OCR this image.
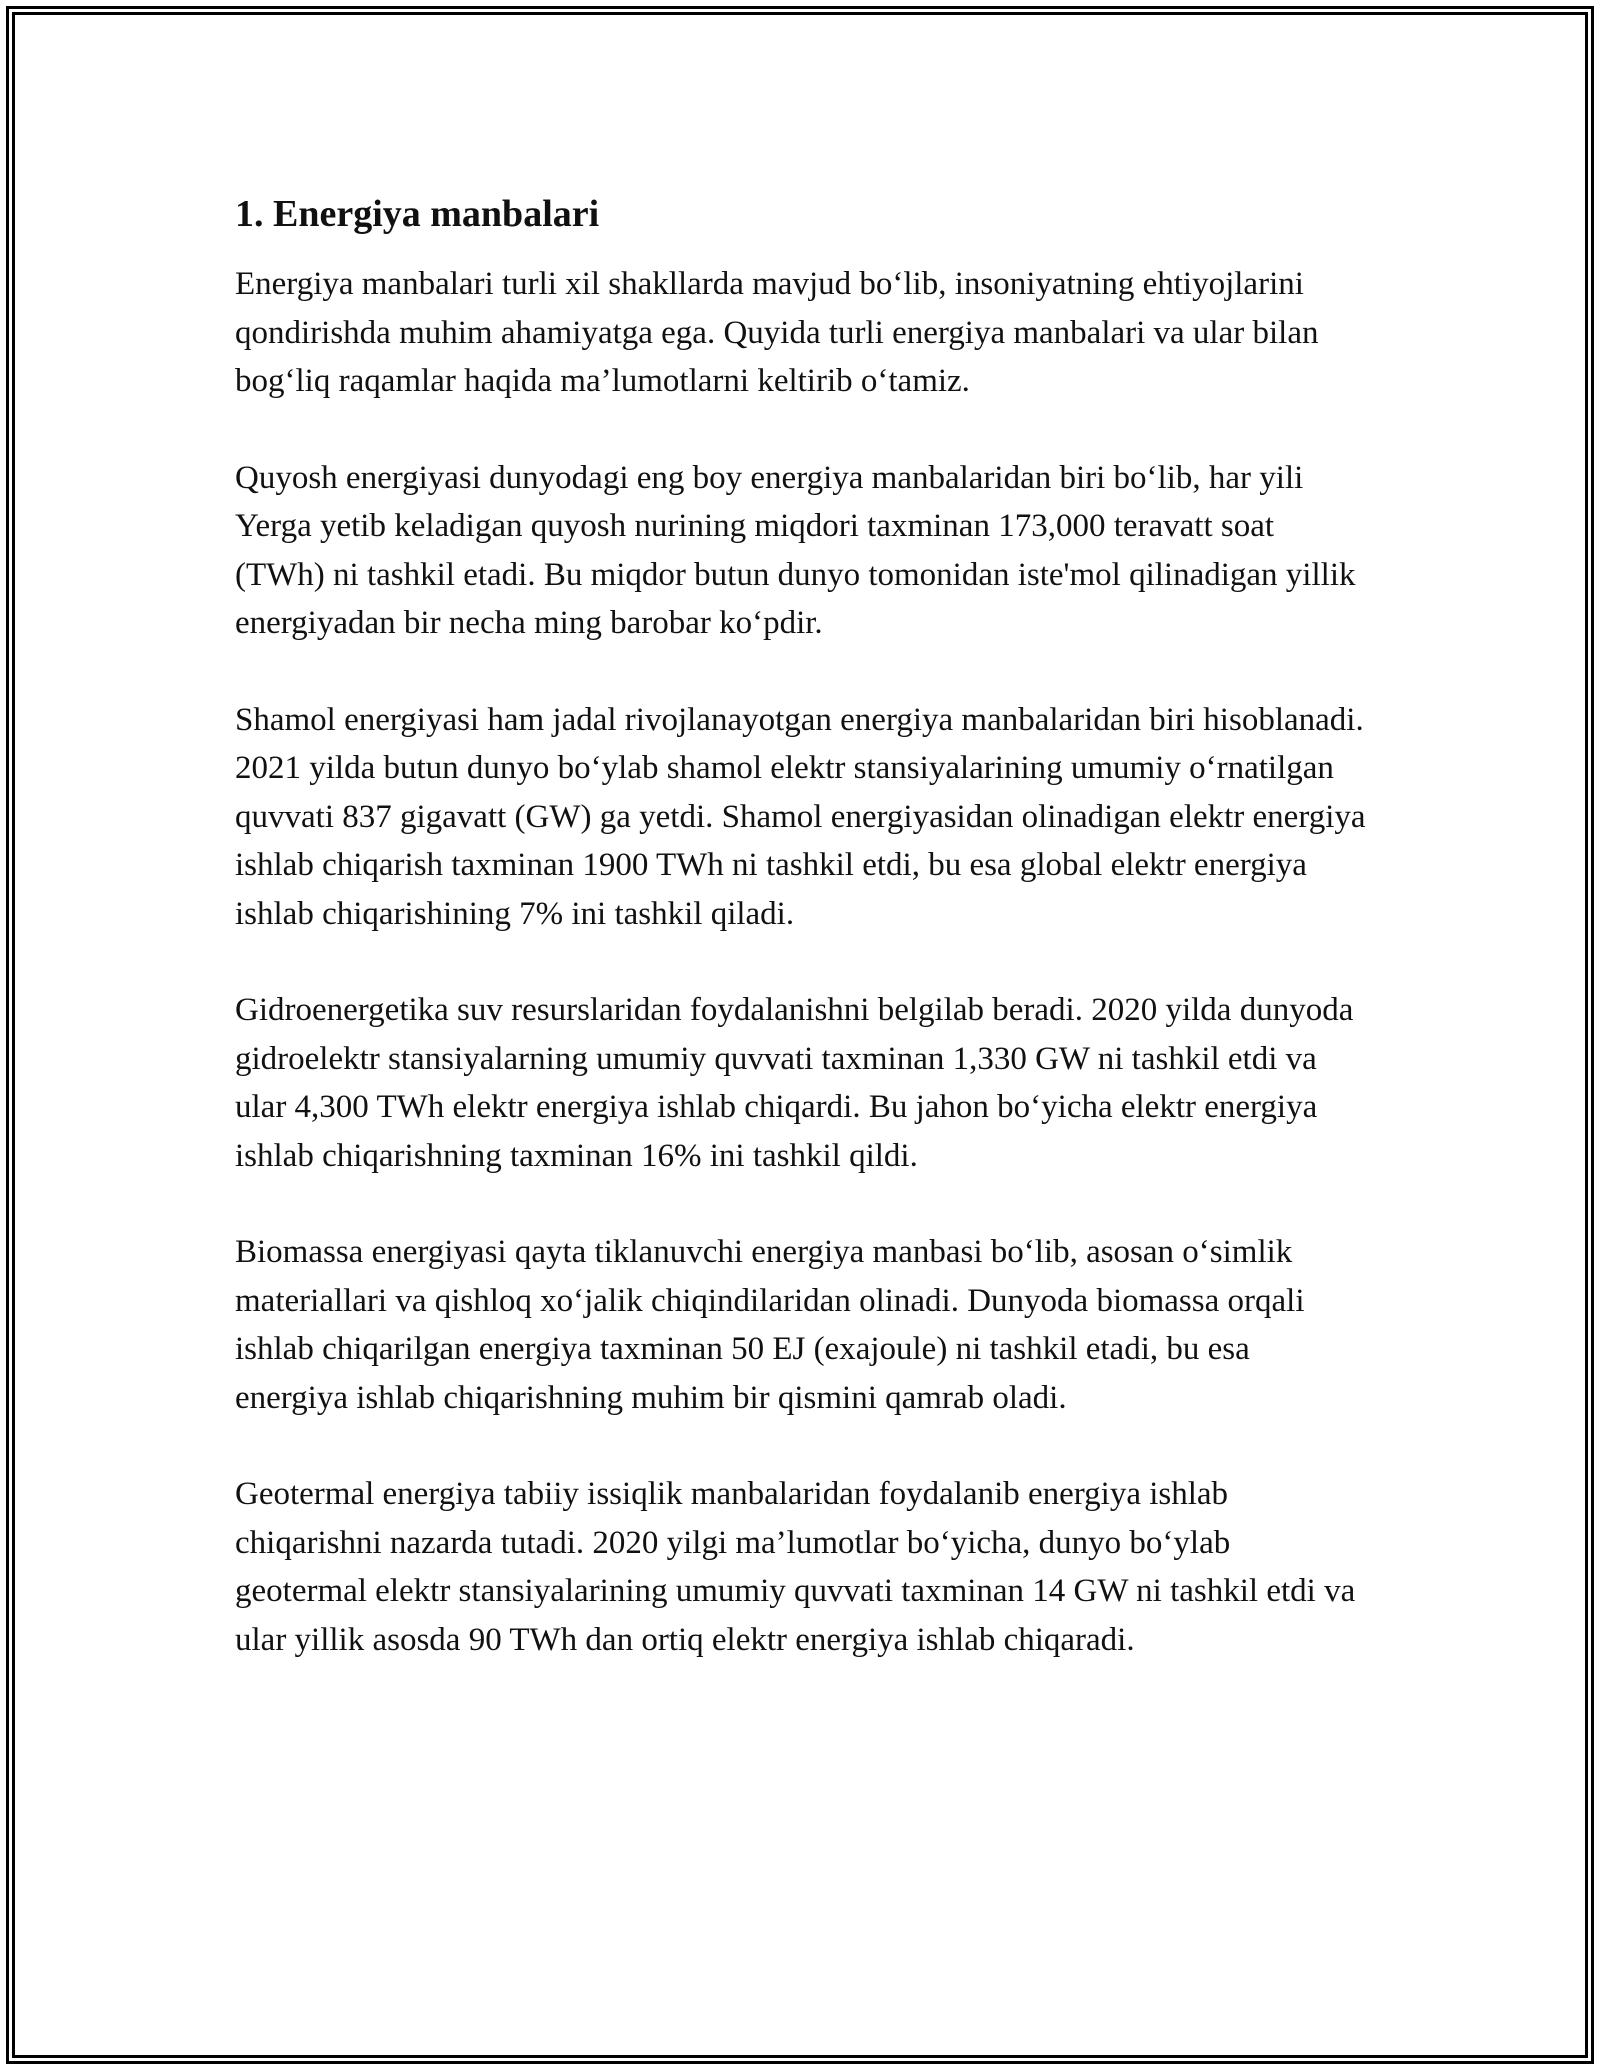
1. Energiya manbalari

Energiya manbalari turli xil shakllarda mavjud bo‘lib, insoniyatning ehtiyojlarini qondirishda muhim ahamiyatga ega. Quyida turli energiya manbalari va ular bilan bog‘liq raqamlar haqida ma’lumotlarni keltirib o‘tamiz.

Quyosh energiyasi dunyodagi eng boy energiya manbalaridan biri bo‘lib, har yili Yerga yetib keladigan quyosh nurining miqdori taxminan 173,000 teravatt soat (TWh) ni tashkil etadi. Bu miqdor butun dunyo tomonidan iste'mol qilinadigan yillik energiyadan bir necha ming barobar ko‘pdir.

Shamol energiyasi ham jadal rivojlanayotgan energiya manbalaridan biri hisoblanadi. 2021 yilda butun dunyo bo‘ylab shamol elektr stansiyalarining umumiy o‘rnatilgan quvvati 837 gigavatt (GW) ga yetdi. Shamol energiyasidan olinadigan elektr energiya ishlab chiqarish taxminan 1900 TWh ni tashkil etdi, bu esa global elektr energiya ishlab chiqarishining 7% ini tashkil qiladi.

Gidroenergetika suv resurslaridan foydalanishni belgilab beradi. 2020 yilda dunyoda gidroelektr stansiyalarning umumiy quvvati taxminan 1,330 GW ni tashkil etdi va ular 4,300 TWh elektr energiya ishlab chiqardi. Bu jahon bo‘yicha elektr energiya ishlab chiqarishning taxminan 16% ini tashkil qildi.

Biomassa energiyasi qayta tiklanuvchi energiya manbasi bo‘lib, asosan o‘simlik materiallari va qishloq xo‘jalik chiqindilaridan olinadi. Dunyoda biomassa orqali ishlab chiqarilgan energiya taxminan 50 EJ (exajoule) ni tashkil etadi, bu esa energiya ishlab chiqarishning muhim bir qismini qamrab oladi.

Geotermal energiya tabiiy issiqlik manbalaridan foydalanib energiya ishlab chiqarishni nazarda tutadi. 2020 yilgi ma’lumotlar bo‘yicha, dunyo bo‘ylab geotermal elektr stansiyalarining umumiy quvvati taxminan 14 GW ni tashkil etdi va ular yillik asosda 90 TWh dan ortiq elektr energiya ishlab chiqaradi.
